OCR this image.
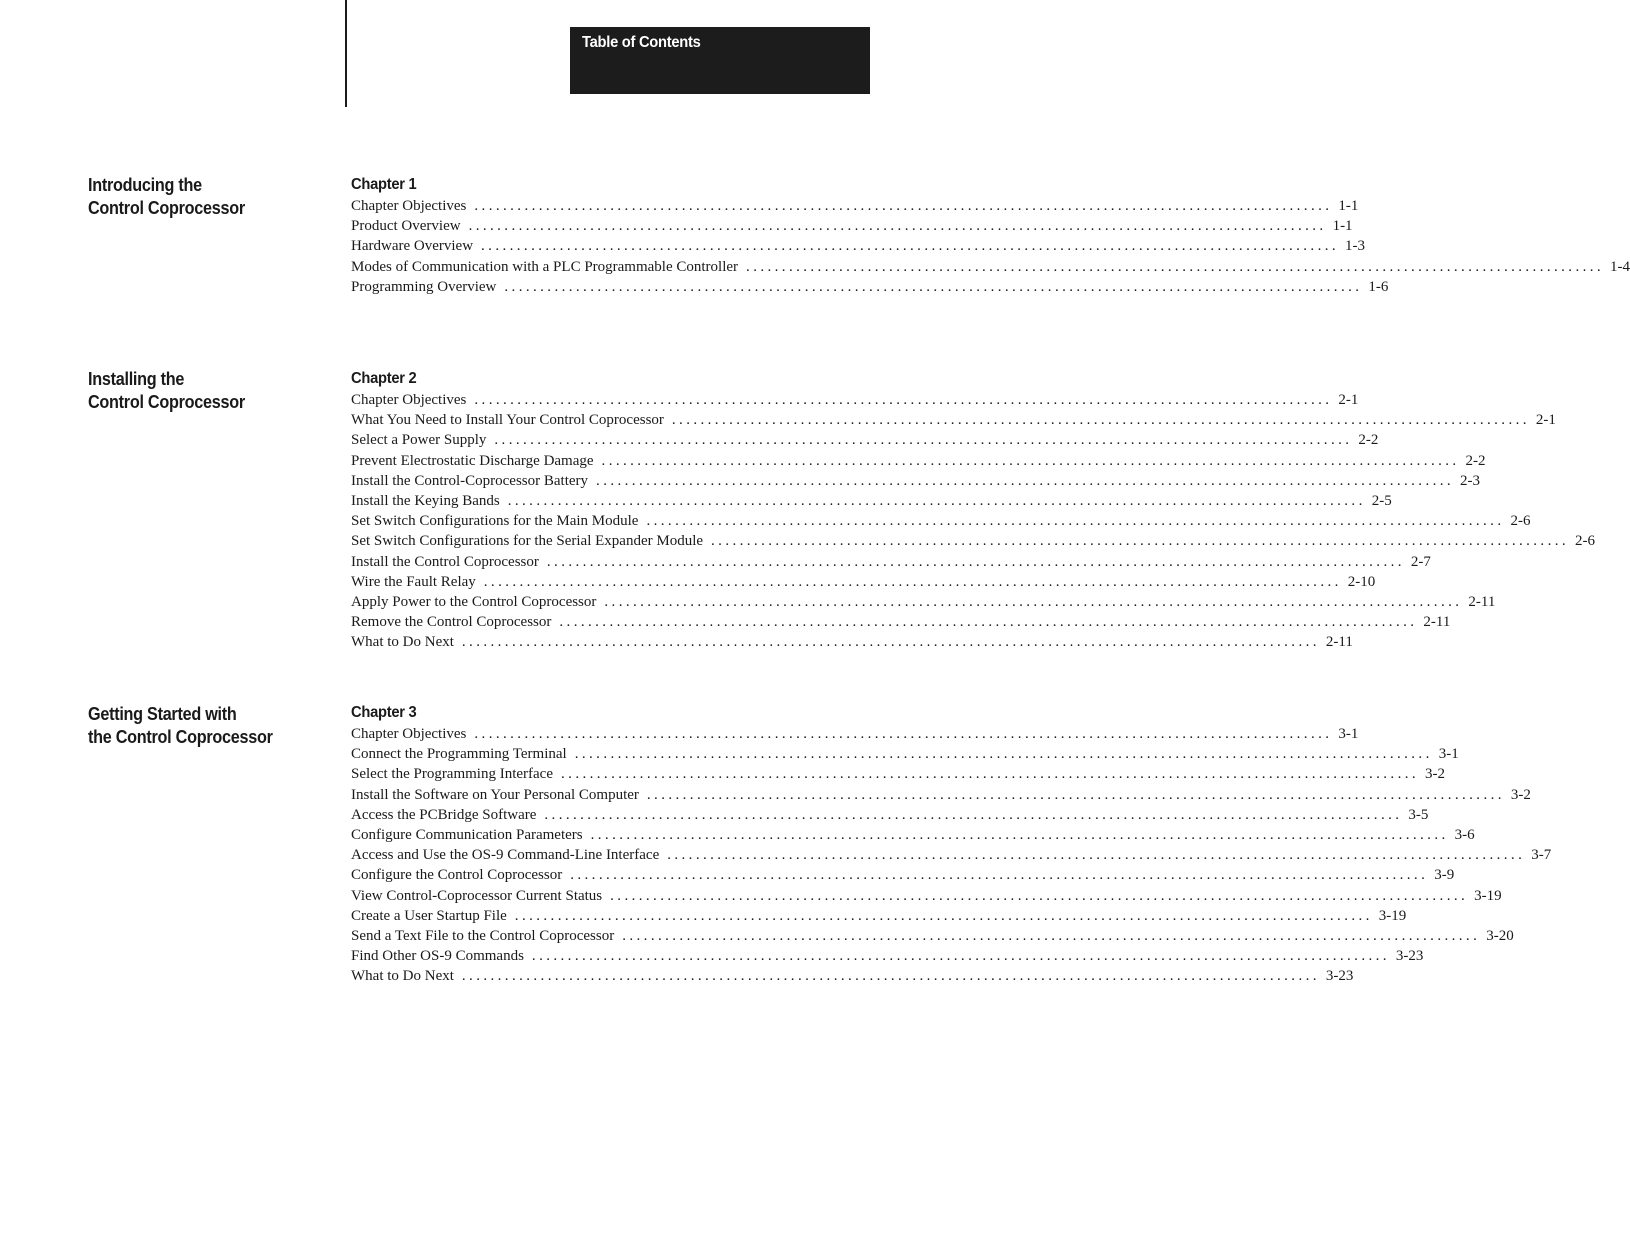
Table of Contents
Introducing the
Control Coprocessor
Chapter 1
Chapter Objectives ........................................................................................................................ 1-1
Product Overview ........................................................................................................................ 1-1
Hardware Overview ........................................................................................................................ 1-3
Modes of Communication with a PLC Programmable Controller ........................................................................................................................ 1-4
Programming Overview ........................................................................................................................ 1-6
Installing the
Control Coprocessor
Chapter 2
Chapter Objectives ........................................................................................................................ 2-1
What You Need to Install Your Control Coprocessor ........................................................................................................................ 2-1
Select a Power Supply ........................................................................................................................ 2-2
Prevent Electrostatic Discharge Damage ........................................................................................................................ 2-2
Install the Control-Coprocessor Battery ........................................................................................................................ 2-3
Install the Keying Bands ........................................................................................................................ 2-5
Set Switch Configurations for the Main Module ........................................................................................................................ 2-6
Set Switch Configurations for the Serial Expander Module ........................................................................................................................ 2-6
Install the Control Coprocessor ........................................................................................................................ 2-7
Wire the Fault Relay ........................................................................................................................ 2-10
Apply Power to the Control Coprocessor ........................................................................................................................ 2-11
Remove the Control Coprocessor ........................................................................................................................ 2-11
What to Do Next ........................................................................................................................ 2-11
Getting Started with
the Control Coprocessor
Chapter 3
Chapter Objectives ........................................................................................................................ 3-1
Connect the Programming Terminal ........................................................................................................................ 3-1
Select the Programming Interface ........................................................................................................................ 3-2
Install the Software on Your Personal Computer ........................................................................................................................ 3-2
Access the PCBridge Software ........................................................................................................................ 3-5
Configure Communication Parameters ........................................................................................................................ 3-6
Access and Use the OS-9 Command-Line Interface ........................................................................................................................ 3-7
Configure the Control Coprocessor ........................................................................................................................ 3-9
View Control-Coprocessor Current Status ........................................................................................................................ 3-19
Create a User Startup File ........................................................................................................................ 3-19
Send a Text File to the Control Coprocessor ........................................................................................................................ 3-20
Find Other OS-9 Commands ........................................................................................................................ 3-23
What to Do Next ........................................................................................................................ 3-23
